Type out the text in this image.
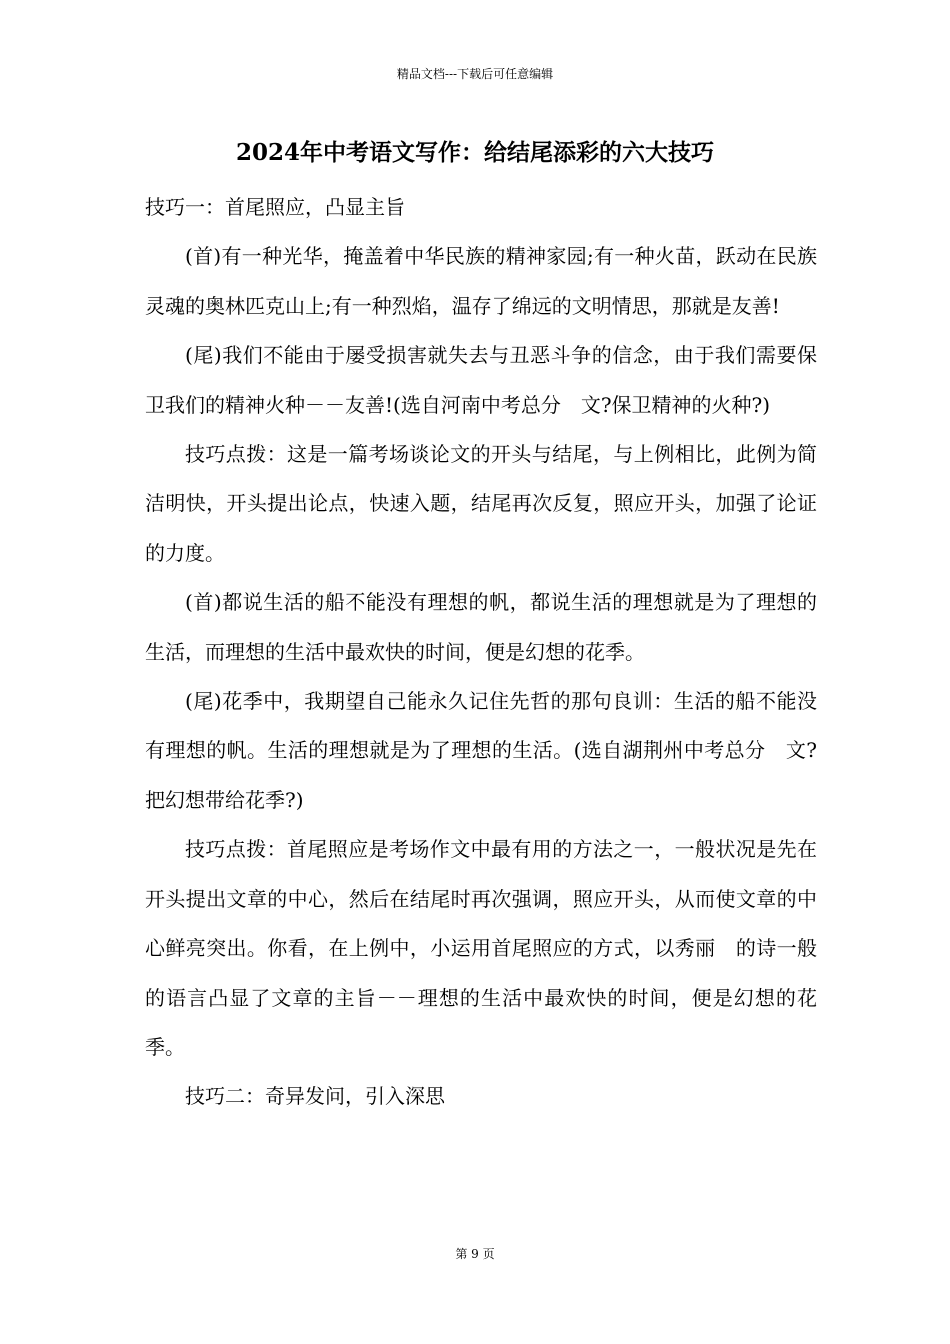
精品文档---下载后可任意编辑
2024年中考语文写作：给结尾添彩的六大技巧

技巧一：首尾照应，凸显主旨

(首)有一种光华，掩盖着中华民族的精神家园;有一种火苗，跃动在民族灵魂的奥林匹克山上;有一种烈焰，温存了绵远的文明情思，那就是友善!

(尾)我们不能由于屡受损害就失去与丑恶斗争的信念，由于我们需要保卫我们的精神火种－－友善!(选自河南中考总分　文?保卫精神的火种?)

技巧点拨：这是一篇考场谈论文的开头与结尾，与上例相比，此例为简洁明快，开头提出论点，快速入题，结尾再次反复，照应开头，加强了论证的力度。

(首)都说生活的船不能没有理想的帆，都说生活的理想就是为了理想的生活，而理想的生活中最欢快的时间，便是幻想的花季。

(尾)花季中，我期望自己能永久记住先哲的那句良训：生活的船不能没有理想的帆。生活的理想就是为了理想的生活。(选自湖荆州中考总分　文?把幻想带给花季?)

技巧点拨：首尾照应是考场作文中最有用的方法之一，一般状况是先在开头提出文章的中心，然后在结尾时再次强调，照应开头，从而使文章的中心鲜亮突出。你看，在上例中，小运用首尾照应的方式，以秀丽　的诗一般的语言凸显了文章的主旨－－理想的生活中最欢快的时间，便是幻想的花季。

技巧二：奇异发问，引入深思

第 9 页
